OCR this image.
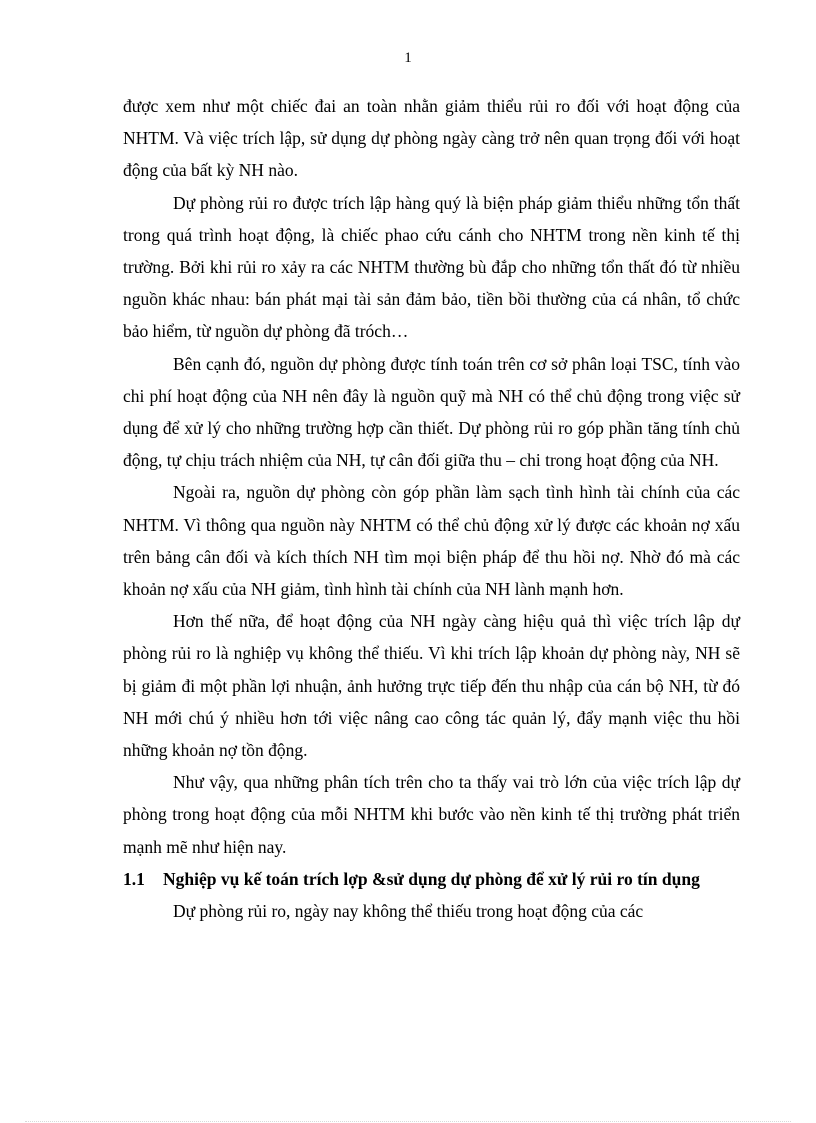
1

được xem như một chiếc đai an toàn nhằn giảm thiểu rủi ro đối với hoạt động của NHTM. Và việc trích lập, sử dụng dự phòng ngày càng trở nên quan trọng đối với hoạt động của bất kỳ NH nào.

Dự phòng rủi ro được trích lập hàng quý là biện pháp giảm thiểu những tổn thất trong quá trình hoạt động, là chiếc phao cứu cánh cho NHTM trong nền kinh tế thị trường. Bởi khi rủi ro xảy ra các NHTM thường bù đắp cho những tổn thất đó từ nhiều nguồn khác nhau: bán phát mại tài sản đảm bảo, tiền bồi thường của cá nhân, tổ chức bảo hiểm, từ nguồn dự phòng đã tróch…

Bên cạnh đó, nguồn dự phòng được tính toán trên cơ sở phân loại TSC, tính vào chi phí hoạt động của NH nên đây là nguồn quỹ mà NH có thể chủ động trong việc sử dụng để xử lý cho những trường hợp cần thiết. Dự phòng rủi ro góp phần tăng tính chủ động, tự chịu trách nhiệm của NH, tự cân đối giữa thu – chi trong hoạt động của NH.

Ngoài ra, nguồn dự phòng còn góp phần làm sạch tình hình tài chính của các NHTM. Vì thông qua nguồn này NHTM có thể chủ động xử lý được các khoản nợ xấu trên bảng cân đối và kích thích NH tìm mọi biện pháp để thu hồi nợ. Nhờ đó mà các khoản nợ xấu của NH giảm, tình hình tài chính của NH lành mạnh hơn.

Hơn thế nữa, để hoạt động của NH ngày càng hiệu quả thì việc trích lập dự phòng rủi ro là nghiệp vụ không thể thiếu. Vì khi trích lập khoản dự phòng này, NH sẽ bị giảm đi một phần lợi nhuận, ảnh hưởng trực tiếp đến thu nhập của cán bộ NH, từ đó NH mới chú ý nhiều hơn tới việc nâng cao công tác quản lý, đẩy mạnh việc thu hồi những khoản nợ tồn động.

Như vậy, qua những phân tích trên cho ta thấy vai trò lớn của việc trích lập dự phòng trong hoạt động của mỗi NHTM khi bước vào nền kinh tế thị trường phát triển mạnh mẽ như hiện nay.

1.1	Nghiệp vụ kế toán trích lợp &sử dụng dự phòng để xử lý rủi ro tín dụng

Dự phòng rủi ro, ngày nay không thể thiếu trong hoạt động của các
